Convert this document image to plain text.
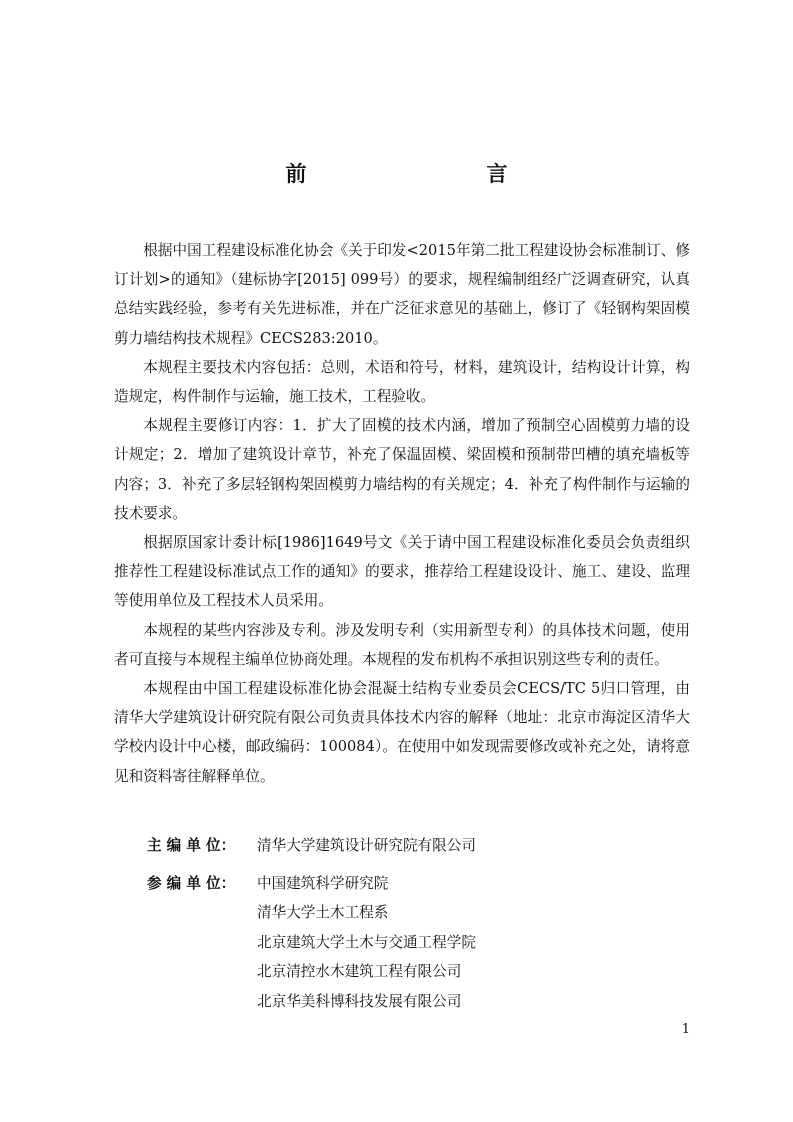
前　　言

根据中国工程建设标准化协会《关于印发<2015年第二批工程建设协会标准制订、修订计划>的通知》（建标协字[2015] 099号）的要求，规程编制组经广泛调查研究，认真总结实践经验，参考有关先进标准，并在广泛征求意见的基础上，修订了《轻钢构架固模剪力墙结构技术规程》CECS283:2010。

本规程主要技术内容包括：总则，术语和符号，材料，建筑设计，结构设计计算，构造规定，构件制作与运输，施工技术，工程验收。

本规程主要修订内容：1．扩大了固模的技术内涵，增加了预制空心固模剪力墙的设计规定；2．增加了建筑设计章节，补充了保温固模、梁固模和预制带凹槽的填充墙板等内容；3．补充了多层轻钢构架固模剪力墙结构的有关规定；4．补充了构件制作与运输的技术要求。

根据原国家计委计标[1986]1649号文《关于请中国工程建设标准化委员会负责组织推荐性工程建设标准试点工作的通知》的要求，推荐给工程建设设计、施工、建设、监理等使用单位及工程技术人员采用。

本规程的某些内容涉及专利。涉及发明专利（实用新型专利）的具体技术问题，使用者可直接与本规程主编单位协商处理。本规程的发布机构不承担识别这些专利的责任。

本规程由中国工程建设标准化协会混凝土结构专业委员会CECS/TC 5归口管理，由清华大学建筑设计研究院有限公司负责具体技术内容的解释（地址：北京市海淀区清华大学校内设计中心楼，邮政编码：100084）。在使用中如发现需要修改或补充之处，请将意见和资料寄往解释单位。

主 编 单 位：	清华大学建筑设计研究院有限公司
参 编 单 位：	中国建筑科学研究院
清华大学土木工程系
北京建筑大学土木与交通工程学院
北京清控水木建筑工程有限公司
北京华美科博科技发展有限公司
1
